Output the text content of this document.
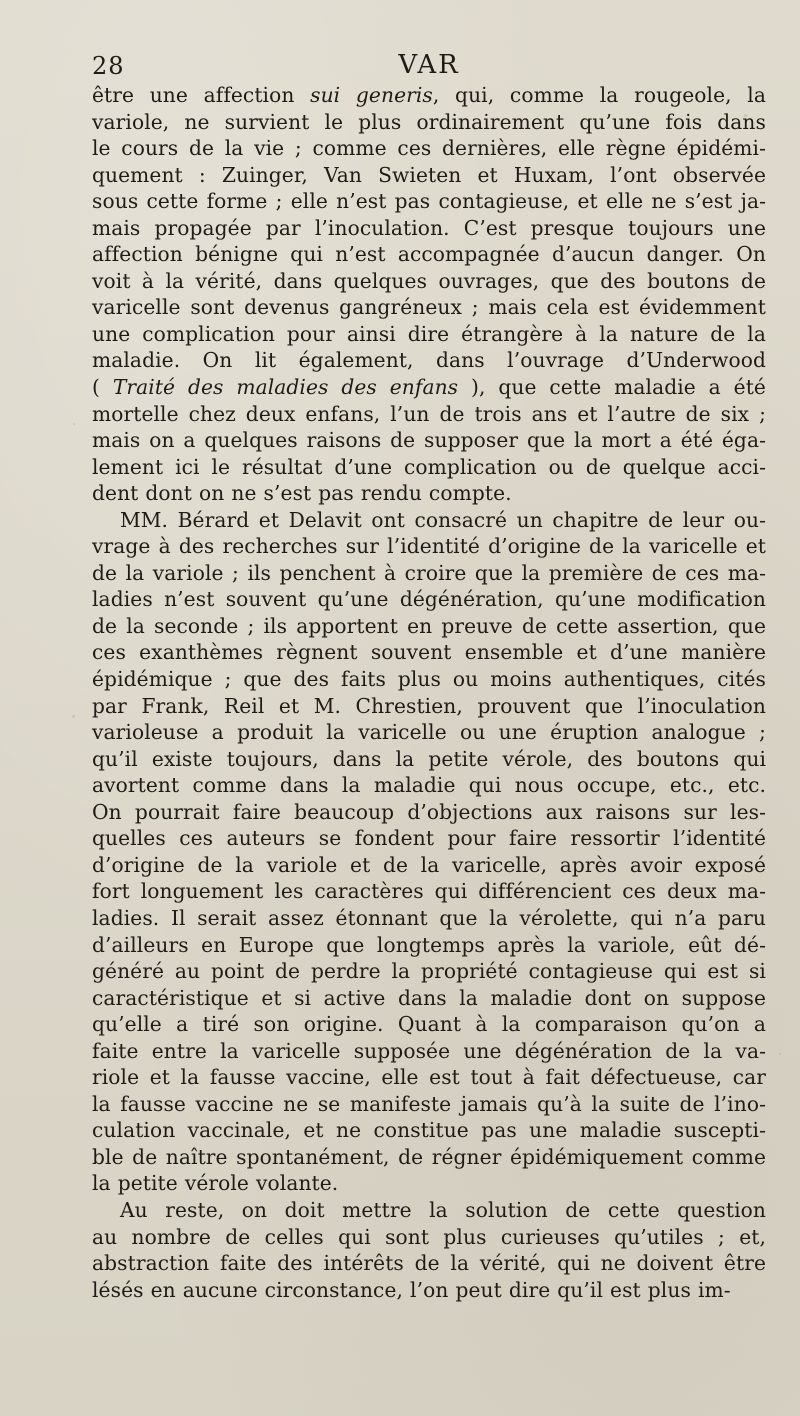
28	VAR
être une affection sui generis, qui, comme la rougeole, la
variole, ne survient le plus ordinairement qu’une fois dans
le cours de la vie ; comme ces dernières, elle règne épidémi-
quement : Zuinger, Van Swieten et Huxam, l’ont observée
sous cette forme ; elle n’est pas contagieuse, et elle ne s’est ja-
mais propagée par l’inoculation. C’est presque toujours une
affection bénigne qui n’est accompagnée d’aucun danger. On
voit à la vérité, dans quelques ouvrages, que des boutons de
varicelle sont devenus gangréneux ; mais cela est évidemment
une complication pour ainsi dire étrangère à la nature de la
maladie. On lit également, dans l’ouvrage d’Underwood
( Traité des maladies des enfans ), que cette maladie a été
mortelle chez deux enfans, l’un de trois ans et l’autre de six ;
mais on a quelques raisons de supposer que la mort a été éga-
lement ici le résultat d’une complication ou de quelque acci-
dent dont on ne s’est pas rendu compte.
MM. Bérard et Delavit ont consacré un chapitre de leur ou-
vrage à des recherches sur l’identité d’origine de la varicelle et
de la variole ; ils penchent à croire que la première de ces ma-
ladies n’est souvent qu’une dégénération, qu’une modification
de la seconde ; ils apportent en preuve de cette assertion, que
ces exanthèmes règnent souvent ensemble et d’une manière
épidémique ; que des faits plus ou moins authentiques, cités
par Frank, Reil et M. Chrestien, prouvent que l’inoculation
varioleuse a produit la varicelle ou une éruption analogue ;
qu’il existe toujours, dans la petite vérole, des boutons qui
avortent comme dans la maladie qui nous occupe, etc., etc.
On pourrait faire beaucoup d’objections aux raisons sur les-
quelles ces auteurs se fondent pour faire ressortir l’identité
d’origine de la variole et de la varicelle, après avoir exposé
fort longuement les caractères qui différencient ces deux ma-
ladies. Il serait assez étonnant que la vérolette, qui n’a paru
d’ailleurs en Europe que longtemps après la variole, eût dé-
généré au point de perdre la propriété contagieuse qui est si
caractéristique et si active dans la maladie dont on suppose
qu’elle a tiré son origine. Quant à la comparaison qu’on a
faite entre la varicelle supposée une dégénération de la va-
riole et la fausse vaccine, elle est tout à fait défectueuse, car
la fausse vaccine ne se manifeste jamais qu’à la suite de l’ino-
culation vaccinale, et ne constitue pas une maladie suscepti-
ble de naître spontanément, de régner épidémiquement comme
la petite vérole volante.
Au reste, on doit mettre la solution de cette question
au nombre de celles qui sont plus curieuses qu’utiles ; et,
abstraction faite des intérêts de la vérité, qui ne doivent être
lésés en aucune circonstance, l’on peut dire qu’il est plus im-
